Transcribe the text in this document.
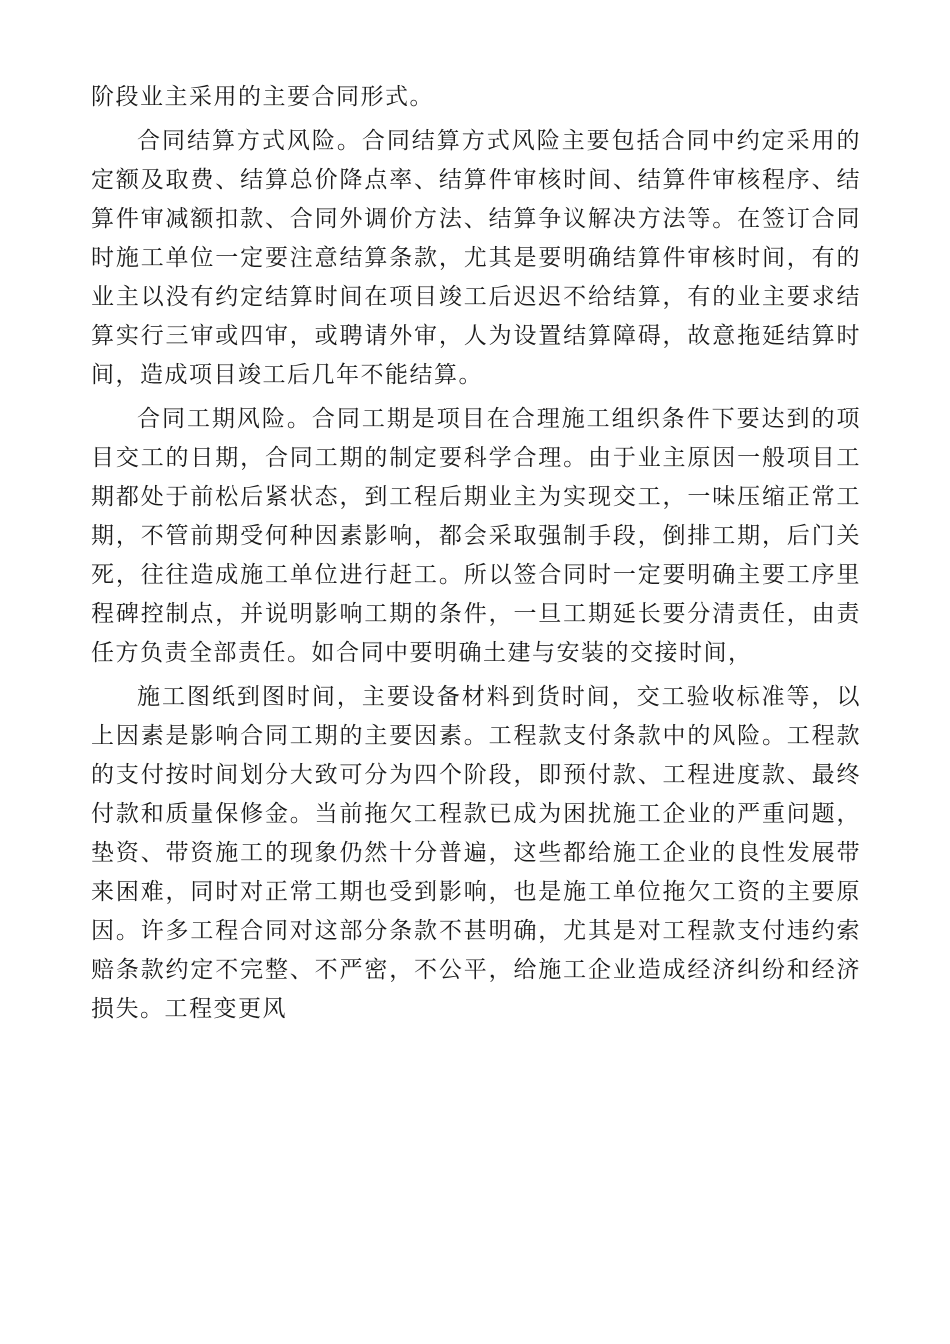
阶段业主采用的主要合同形式。

合同结算方式风险。合同结算方式风险主要包括合同中约定采用的定额及取费、结算总价降点率、结算件审核时间、结算件审核程序、结算件审减额扣款、合同外调价方法、结算争议解决方法等。在签订合同时施工单位一定要注意结算条款，尤其是要明确结算件审核时间，有的业主以没有约定结算时间在项目竣工后迟迟不给结算，有的业主要求结算实行三审或四审，或聘请外审，人为设置结算障碍，故意拖延结算时间，造成项目竣工后几年不能结算。

合同工期风险。合同工期是项目在合理施工组织条件下要达到的项目交工的日期，合同工期的制定要科学合理。由于业主原因一般项目工期都处于前松后紧状态，到工程后期业主为实现交工，一味压缩正常工期，不管前期受何种因素影响，都会采取强制手段，倒排工期，后门关死，往往造成施工单位进行赶工。所以签合同时一定要明确主要工序里程碑控制点，并说明影响工期的条件，一旦工期延长要分清责任，由责任方负责全部责任。如合同中要明确土建与安装的交接时间，

施工图纸到图时间，主要设备材料到货时间，交工验收标准等，以上因素是影响合同工期的主要因素。工程款支付条款中的风险。工程款的支付按时间划分大致可分为四个阶段，即预付款、工程进度款、最终付款和质量保修金。当前拖欠工程款已成为困扰施工企业的严重问题，垫资、带资施工的现象仍然十分普遍，这些都给施工企业的良性发展带来困难，同时对正常工期也受到影响，也是施工单位拖欠工资的主要原因。许多工程合同对这部分条款不甚明确，尤其是对工程款支付违约索赔条款约定不完整、不严密，不公平，给施工企业造成经济纠纷和经济损失。工程变更风
